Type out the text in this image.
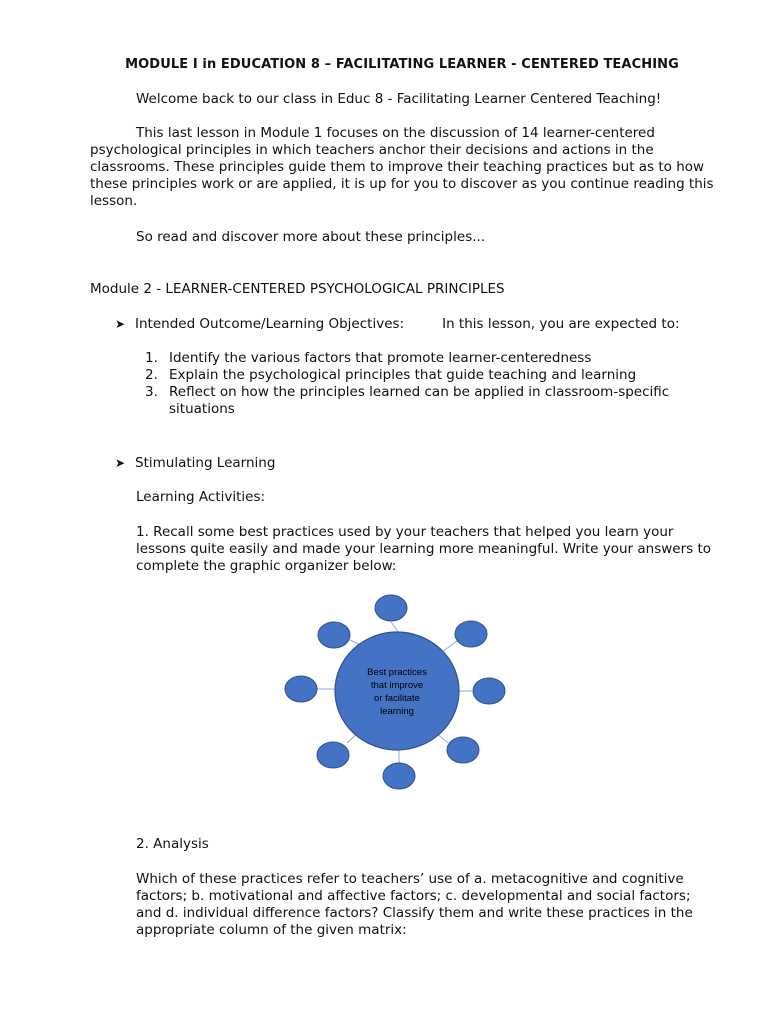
MODULE I in EDUCATION 8 – FACILITATING LEARNER - CENTERED TEACHING
Welcome back to our class in Educ 8 - Facilitating Learner Centered Teaching!
This last lesson in Module 1 focuses on the discussion of 14 learner-centered psychological principles in which teachers anchor their decisions and actions in the classrooms. These principles guide them to improve their teaching practices but as to how these principles work or are applied, it is up for you to discover as you continue reading this lesson.
So read and discover more about these principles...
Module 2 - LEARNER-CENTERED PSYCHOLOGICAL PRINCIPLES
➤ Intended Outcome/Learning Objectives:	In this lesson, you are expected to:
1. Identify the various factors that promote learner-centeredness
2. Explain the psychological principles that guide teaching and learning
3. Reflect on how the principles learned can be applied in classroom-specific situations
➤ Stimulating Learning
Learning Activities:
1. Recall some best practices used by your teachers that helped you learn your lessons quite easily and made your learning more meaningful. Write your answers to complete the graphic organizer below:
Best practices
that improve
or facilitate
learning
2. Analysis
Which of these practices refer to teachers’ use of a. metacognitive and cognitive factors; b. motivational and affective factors; c. developmental and social factors; and d. individual difference factors? Classify them and write these practices in the appropriate column of the given matrix:
